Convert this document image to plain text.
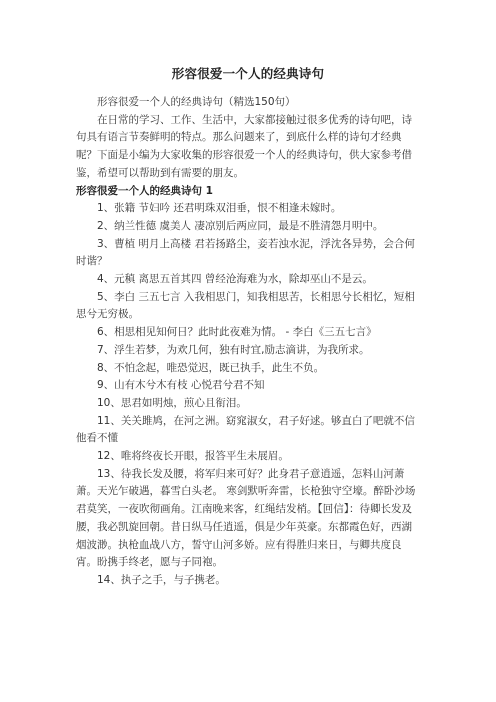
形容很爱一个人的经典诗句

形容很爱一个人的经典诗句（精选150句）

在日常的学习、工作、生活中，大家都接触过很多优秀的诗句吧，诗句具有语言节奏鲜明的特点。那么问题来了，到底什么样的诗句才经典呢？下面是小编为大家收集的形容很爱一个人的经典诗句，供大家参考借鉴，希望可以帮助到有需要的朋友。

形容很爱一个人的经典诗句 1

1、张籍 节妇吟 还君明珠双泪垂，恨不相逢未嫁时。

2、纳兰性德 虞美人 凄凉别后两应同，最是不胜清怨月明中。

3、曹植 明月上高楼 君若扬路尘，妾若浊水泥，浮沈各异势，会合何时谐？

4、元稹 离思五首其四 曾经沧海难为水，除却巫山不是云。

5、李白 三五七言 入我相思门，知我相思苦，长相思兮长相忆，短相思兮无穷极。

6、相思相见知何日？此时此夜难为情。 - 李白《三五七言》

7、浮生若梦，为欢几何，独有时宜,励志滴讲，为我所求。

8、不怕念起，唯恐觉迟，既已执手，此生不负。

9、山有木兮木有枝 心悦君兮君不知

10、思君如明烛，煎心且衔泪。

11、关关雎鸠，在河之洲。窈窕淑女，君子好逑。够直白了吧就不信他看不懂

12、唯将终夜长开眼，报答平生未展眉。

13、待我长发及腰，将军归来可好？此身君子意逍遥，怎料山河萧萧。天光乍破遇，暮雪白头老。 寒剑默听奔雷，长枪独守空壕。醉卧沙场君莫笑，一夜吹彻画角。江南晚来客，红绳结发梢。【回信】：待卿长发及腰，我必凯旋回朝。昔日纵马任逍遥，俱是少年英豪。东都霞色好，西湖烟波渺。执枪血战八方，誓守山河多娇。应有得胜归来日，与卿共度良宵。盼携手终老，愿与子同袍。

14、执子之手，与子携老。
